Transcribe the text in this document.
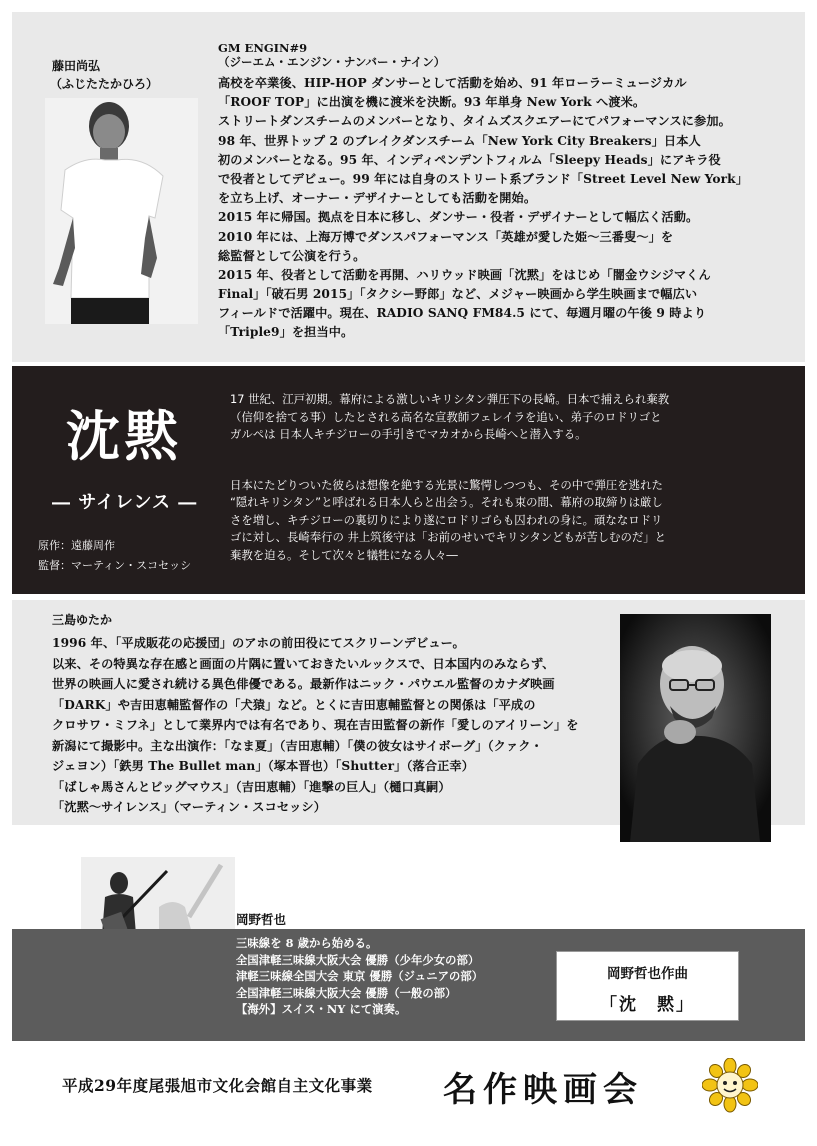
藤田尚弘
（ふじたたかひろ）
GM ENGIN#9
（ジーエム・エンジン・ナンバー・ナイン）
高校を卒業後、HIP-HOP ダンサーとして活動を始め、91 年ローラーミュージカル
「ROOF TOP」に出演を機に渡米を決断。93 年単身 New York へ渡米。
ストリートダンスチームのメンバーとなり、タイムズスクエアーにてパフォーマンスに参加。
98 年、世界トップ 2 のブレイクダンスチーム「New York City Breakers」日本人
初のメンバーとなる。95 年、インディペンデントフィルム「Sleepy Heads」にアキラ役
で役者としてデビュー。99 年には自身のストリート系ブランド「Street Level New York」
を立ち上げ、オーナー・デザイナーとしても活動を開始。
2015 年に帰国。拠点を日本に移し、ダンサー・役者・デザイナーとして幅広く活動。
2010 年には、上海万博でダンスパフォーマンス「英雄が愛した姫～三番叟～」を
総監督として公演を行う。
2015 年、役者として活動を再開、ハリウッド映画「沈黙」をはじめ「闇金ウシジマくん
Final」「破石男 2015」「タクシー野郎」など、メジャー映画から学生映画まで幅広い
フィールドで活躍中。現在、RADIO SANQ FM84.5 にて、毎週月曜の午後 9 時より
「Triple9」を担当中。
沈黙
― サイレンス ―
原作：遠藤周作
監督：マーティン・スコセッシ

17 世紀、江戸初期。幕府による激しいキリシタン弾圧下の長崎。日本で捕えられ棄教
（信仰を捨てる事）したとされる高名な宣教師フェレイラを追い、弟子のロドリゴと
ガルペは 日本人キチジローの手引きでマカオから長崎へと潜入する。

日本にたどりついた彼らは想像を絶する光景に驚愕しつつも、その中で弾圧を逃れた
“隠れキリシタン”と呼ばれる日本人らと出会う。それも束の間、幕府の取締りは厳し
さを増し、キチジローの裏切りにより遂にロドリゴらも囚われの身に。頑ななロドリ
ゴに対し、長崎奉行の 井上筑後守は「お前のせいでキリシタンどもが苦しむのだ」と
棄教を迫る。そして次々と犠牲になる人々―

三島ゆたか
1996 年、「平成販花の応援団」のアホの前田役にてスクリーンデビュー。
以来、その特異な存在感と画面の片隅に置いておきたいルックスで、日本国内のみならず、
世界の映画人に愛され続ける異色俳優である。最新作はニック・パウエル監督のカナダ映画
「DARK」や吉田恵輔監督作の「犬猿」など。とくに吉田恵輔監督との関係は「平成の
クロサワ・ミフネ」として業界内では有名であり、現在吉田監督の新作「愛しのアイリーン」を
新潟にて撮影中。主な出演作：「なま夏」（吉田恵輔）「僕の彼女はサイボーグ」（クァク・
ジェヨン）「鉄男 The Bullet man」（塚本晋也）「Shutter」（落合正幸）
「ばしゃ馬さんとビッグマウス」（吉田恵輔）「進撃の巨人」（樋口真嗣）
「沈黙～サイレンス」（マーティン・スコセッシ）
岡野哲也
三味線を 8 歳から始める。
全国津軽三味線大阪大会 優勝（少年少女の部）
津軽三味線全国大会 東京 優勝（ジュニアの部）
全国津軽三味線大阪大会 優勝（一般の部）
【海外】スイス・NY にて演奏。
岡野哲也作曲
「沈　黙」
平成29年度尾張旭市文化会館自主文化事業 名作映画会
